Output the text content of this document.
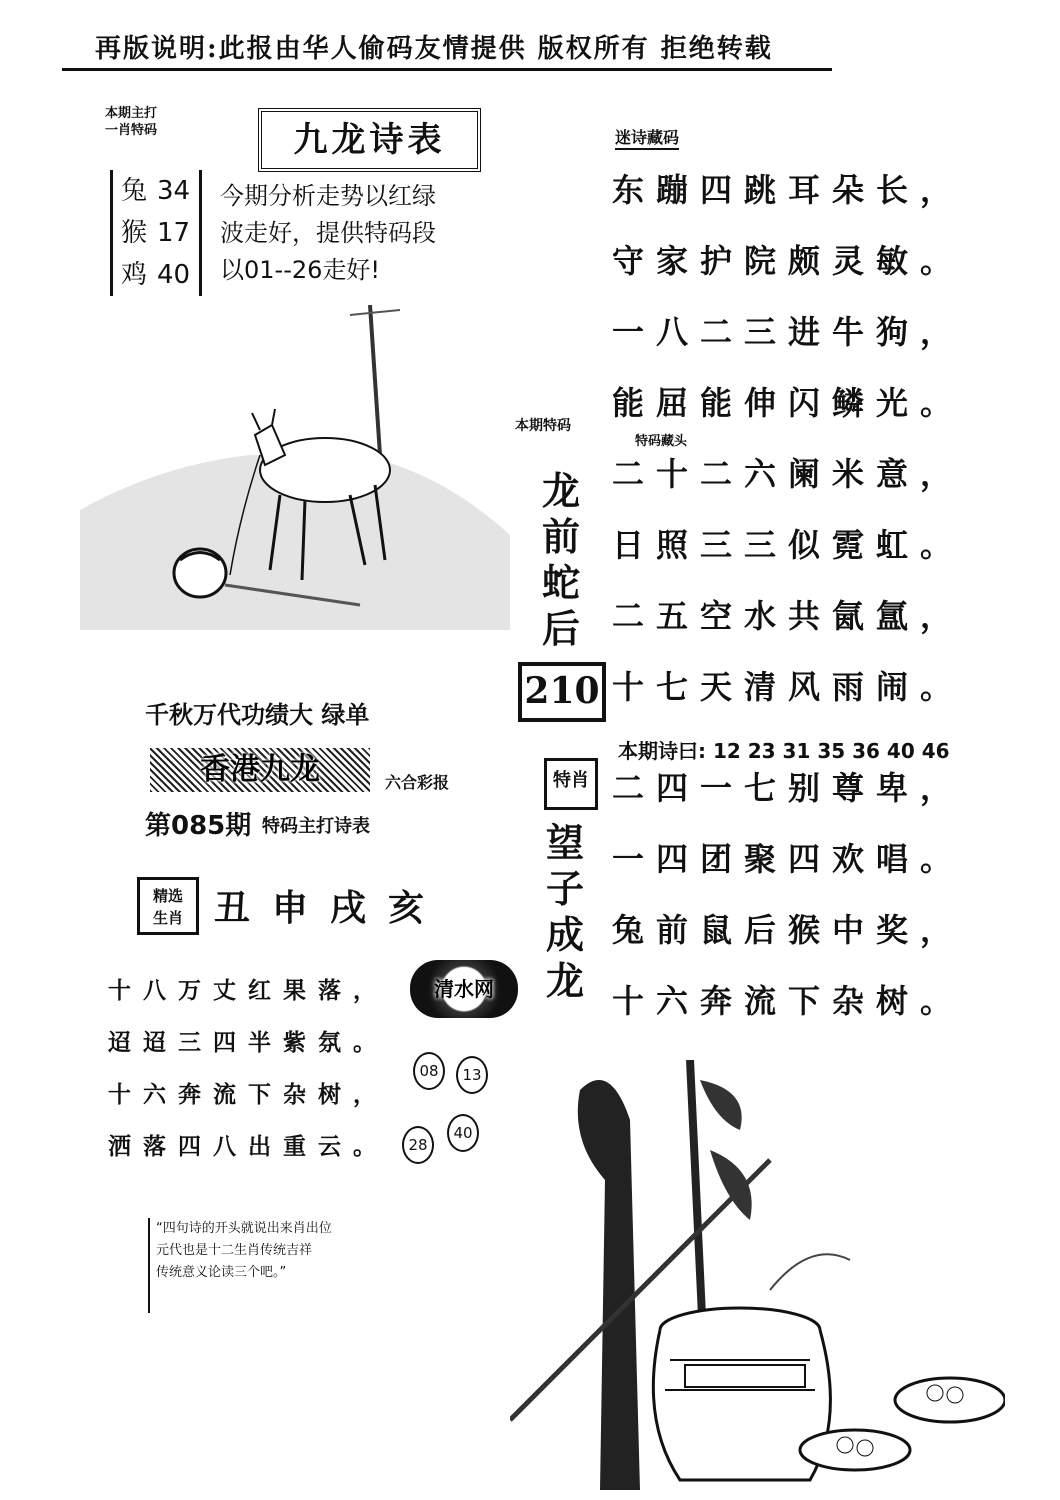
再版说明:此报由华人偷码友情提供 版权所有 拒绝转载
本期主打
一肖特码	九龙诗表
兔 34
猴 17
鸡 40
今期分析走势以红绿
波走好，提供特码段
以01--26走好!
千秋万代功绩大 绿单
香港九龙	六合彩报
第085期 特码主打诗表
精选
生肖 丑申戌亥
十八万丈红果落，
迢迢三四半紫氛。
十六奔流下杂树，
洒落四八出重云。
清水网
08	13
28
40
“四句诗的开头就说出来肖出位
元代也是十二生肖传统吉祥
传统意义论读三个吧。”
迷诗藏码
东蹦四跳耳朵长，
守家护院颇灵敏。
一八二三进牛狗，
能屈能伸闪鳞光。
二十二六阑米意，
日照三三似霓虹。
二五空水共氤氲，
十七天清风雨闹。
二四一七别尊卑，
一四团聚四欢唱。
兔前鼠后猴中奖，
十六奔流下杂树。
本期特码
特码藏头
龙
前
蛇
后
210
本期诗曰: 12 23 31 35 36 40 46
特肖
望
子
成
龙
